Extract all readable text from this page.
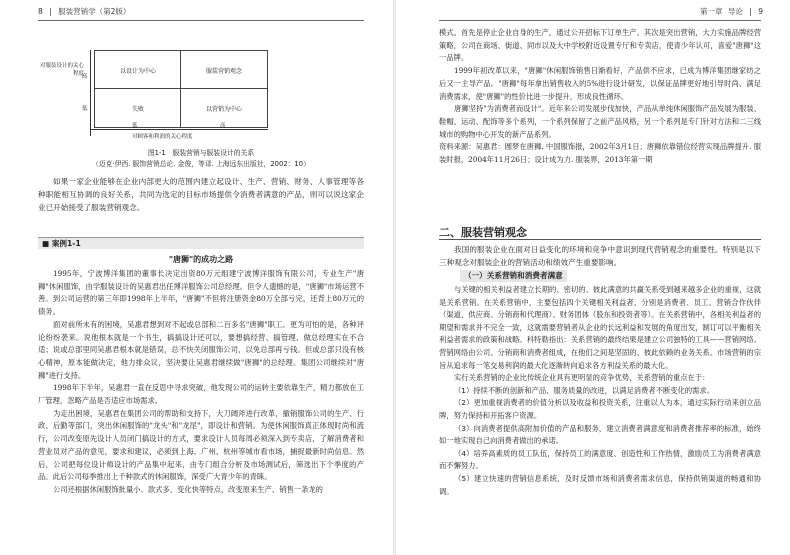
8 | 服装营销学（第2版）
对服装设计的关心程度
高
低
以设计为中心	服装营销观念
失败	以营销为中心
低	高
对顾客和利润的关心程度
图1-1　服装营销与服装设计的关系
（迈克·伊西. 服饰营销总论. 金俊，等译. 上海远东出版社，2002：10）

如果一家企业能够在企业内部更大的范围内建立起设计、生产、营销、财务、人事管理等各种职能相互协调的良好关系，共同为选定的目标市场提供令消费者满意的产品，则可以说这家企业已开始接受了服装营销观念。

■ 案例1-1
"唐狮"的成功之路

1995年，宁波博洋集团的董事长决定出资80万元组建宁波博洋服饰有限公司，专业生产"唐狮"休闲服饰，由学服装设计的吴惠君出任博洋服饰公司总经理。但令人遗憾的是，"唐狮"市场运营不善。到公司运营的第三年即1998年上半年，"唐狮"不但将注册资金80万全部亏完，还背上80万元的债务。

面对前所未有的困境，吴惠君想到对不起或总部和二百多名"唐狮"职工。更为可怕的是，各种评论纷纷袭来。说他根本就是一个书生，搞搞设计还可以，要想搞经营、搞管理、做总经理实在不合适；说或总部里同吴惠君根本就是错误，总不快关闭服饰公司，以免总部再亏钱。但或总部只没有核心精神，原本能做决定，他力排众议，坚决要让吴惠君继续做"唐狮"的总经理。集团公司继续对"唐狮"进行支持。

1998年下半年，吴惠君一直在反思中寻求突破，他发现公司的运转主要依靠生产，精力都放在工厂管理，忽略产品是否适应市场需求。

为走出困境，吴惠君在集团公司的帮助和支持下，大刀阔斧进行改革，撤销服饰公司的生产、行政、后勤等部门，突出休闲服饰的"龙头"和"龙尾"，即设计和营销。为使休闲服饰真正体现时尚和流行，公司改变原先设计人员闭门搞设计的方式，要求设计人员每周必须深入到专卖店，了解消费者和营业员对产品的意见，要求和建议，必须到上海、广州、杭州等城市看市场，捕捉最新时尚信息。然后，公司把每位设计师设计的产品集中起来，由专门组合分析及市场测试后，筛选出下个季度的产品。此后公司每季推出上千种款式的休闲服饰，深受广大青少年的青睐。

公司还根据休闲服饰批量小、款式多、变化快等特点，改变原来生产、销售一条龙的

第一章 导论 | 9

模式。首先是停止企业自身的生产，通过公开招标下订单生产。其次是突出营销，大力实施品牌经营策略，公司在商场、街道、同市以及大中学校附近设置专厅和专卖店，使青少年认可，喜爱"唐狮"这一品牌。

1999年初改革以来，"唐狮"休闲服饰销售日渐看好，产品供不应求，已成为博洋集团继家纺之后又一主导产品。"唐狮"每年拿出销售收入的5%进行设计研发，以保证品牌更好地引导时尚、满足消费需求，使"唐狮"的性价比进一步提升，形成良性循环。

唐狮坚持"为消费者而设计"。近年来公司发展步伐加快，产品从单纯休闲服饰产品发展为服装、鞋帽、运动、配饰等多个系列，一个系列保留了之前产品风格，另一个系列是专门针对方法和二三线城市的购物中心开发的新产品系列。

资料来源：吴惠君：圆梦在唐狮. 中国服饰报，2002年3月1日；唐狮依靠错位经营实现品牌提升. 服装时报，2004年11月26日；设计成为力. 服装界，2013年第一期

二、服装营销观念

我国的服装企业在面对日益变化的环境和竞争中意识到现代营销观念的重要性。特别是以下三种观念对服装企业的营销活动和绩效产生重要影响。

（一）关系营销和消费者满意

与关键的相关利益者建立长期的、密切的、彼此满意的共赢关系受到越来越多企业的重视，这就是关系营销。在关系营销中，主要包括四个关键相关利益者，分别是消费者、员工、营销合作伙伴（渠道、供应商、分销商和代理商）、财务团体（股东和投资者等）。在关系营销中，各相关利益者的期望和需求并不完全一致，这就需要营销者从企业的长远利益和发展的角度出发，制订可以平衡相关利益者需求的政策和战略。科特勒指出：关系营销的最终结果是建立公司独特的工具——营销网络。营销网络由公司、分销商和消费者组成，在他们之间是坚固的、彼此依赖的业务关系。市场营销的宗旨从追求每一笔交易利润的最大化逐渐转向追求各方利益关系的最大化。

实行关系营销的企业比传统企业具有更明显的竞争优势，关系营销的重点在于：

（1）持续不断的创新和产品、服务质量的改进，以满足消费者不断变化的需求。

（2）更加重视消费者的价值分析以及收益和投资关系，注重以人为本，通过实际行动来创立品牌，努力保持和开拓客户资源。

（3）向消费者提供高附加价值的产品和服务，建立消费者满意度和消费者推荐率的标准，始终如一地实现自己向消费者做出的承诺。

（4）培养高素质的员工队伍，保持员工的满意度、创造性和工作热情，激励员工为消费者满意而不懈努力。

（5）建立快速的营销信息系统，及时反馈市场和消费者需求信息，保持供销渠道的畅通和协调。
